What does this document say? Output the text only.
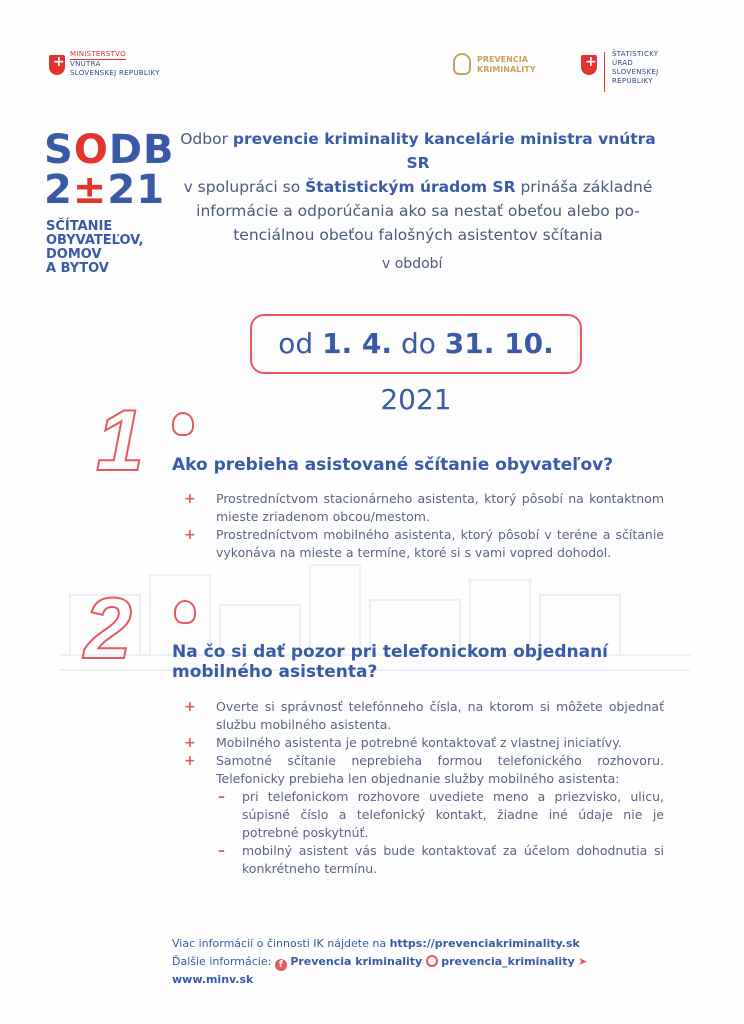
+
MINISTERSTVO
VNÚTRA
SLOVENSKEJ REPUBLIKY
PREVENCIA
KRIMINALITY
+
ŠTATISTICKÝ
ÚRAD
SLOVENSKEJ
REPUBLIKY
SODB
2±21
SČÍTANIE
OBYVATEĽOV,
DOMOV
A BYTOV
Odbor prevencie kriminality kancelárie ministra vnútra SR
v spolupráci so Štatistickým úradom SR prináša základné
informácie a odporúčania ako sa nestať obeťou alebo po-
tenciálnou obeťou falošných asistentov sčítania
v období
od 1. 4. do 31. 10. 2021
1 Ako prebieha asistované sčítanie obyvateľov?
+ Prostredníctvom stacionárneho asistenta, ktorý pôsobí na kontaktnom mieste zriadenom obcou/mestom.
+ Prostredníctvom mobilného asistenta, ktorý pôsobí v teréne a sčítanie vykonáva na mieste a termíne, ktoré si s vami vopred dohodol.
2 Na čo si dať pozor pri telefonickom objednaní
mobilného asistenta?
+ Overte si správnosť telefónneho čísla, na ktorom si môžete objednať službu mobilného asistenta.
+ Mobilného asistenta je potrebné kontaktovať z vlastnej iniciatívy.
+ Samotné sčítanie neprebieha formou telefonického rozhovoru. Telefonicky prebieha len objednanie služby mobilného asistenta:
– pri telefonickom rozhovore uvediete meno a priezvisko, ulicu, súpisné číslo a telefonický kontakt, žiadne iné údaje nie je potrebné poskytnúť.
– mobilný asistent vás bude kontaktovať za účelom dohodnutia si konkrétneho termínu.
Viac informácií o činnosti IK nájdete na https://prevenciakriminality.sk
Ďalšie informácie: f Prevencia kriminality prevencia_kriminality ➤ www.minv.sk
